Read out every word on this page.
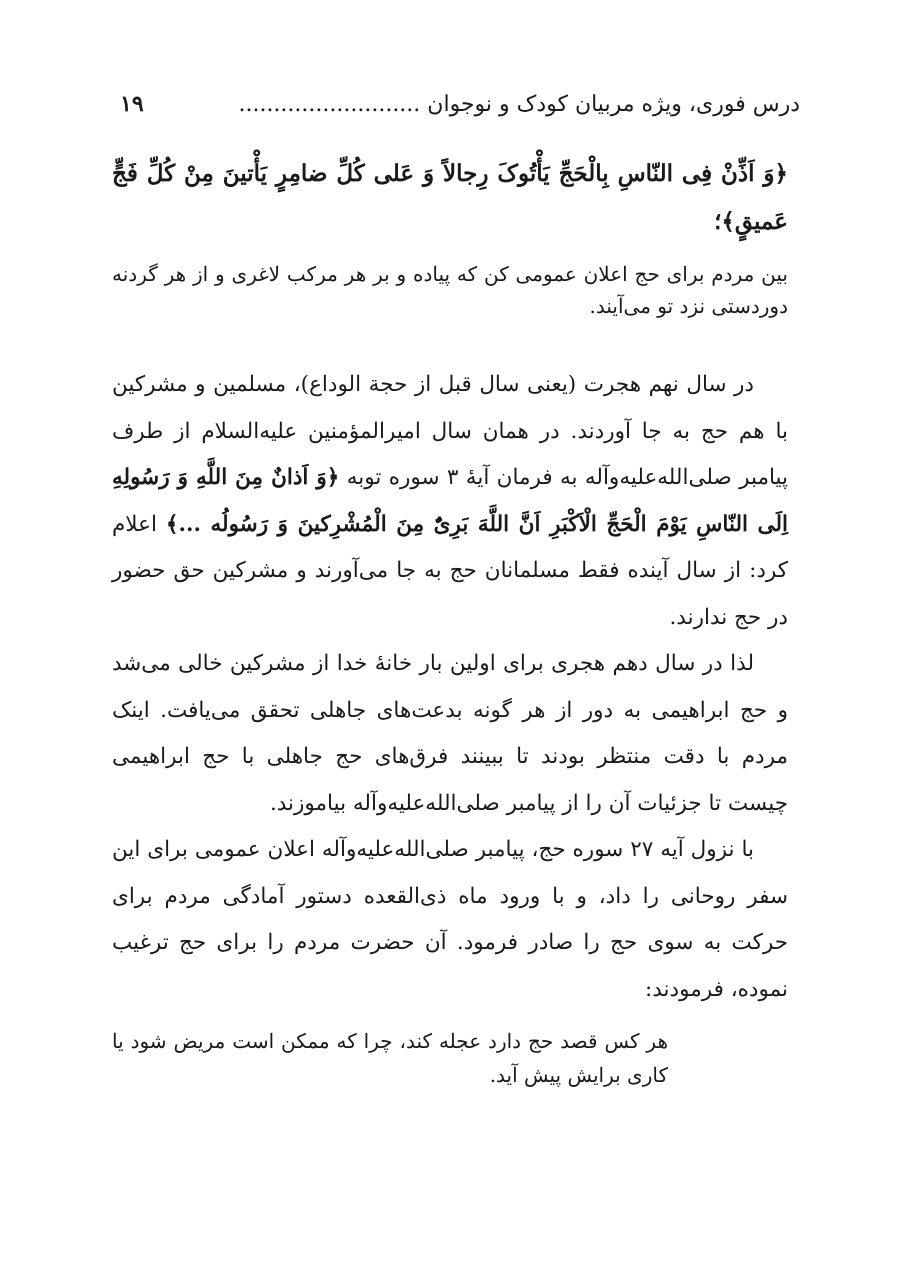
درس فوری، ویژه مربیان کودک و نوجوان ..........................
۱۹
﴿وَ اَذِّنْ فِی النّاسِ بِالْحَجِّ یَأْتُوکَ رِجالاً وَ عَلی کُلِّ ضامِرٍ یَأْتینَ مِنْ کُلِّ فَجٍّ عَمیقٍ﴾؛
بین مردم برای حج اعلان عمومی کن که پیاده و بر هر مرکب لاغری و از هر گردنه دوردستی نزد تو می‌آیند.

در سال نهم هجرت (یعنی سال قبل از حجة الوداع)، مسلمین و مشرکین با هم حج به جا آوردند. در همان سال امیرالمؤمنین علیه‌السلام از طرف پیامبر صلی‌الله‌علیه‌وآله به فرمان آیهٔ ۳ سوره توبه ﴿وَ اَذانٌ مِنَ اللَّهِ وَ رَسُولِهِ اِلَی النّاسِ یَوْمَ الْحَجِّ الْاَکْبَرِ اَنَّ اللَّهَ بَرِیٌٔ مِنَ الْمُشْرِکینَ وَ رَسُولُه ...﴾ اعلام کرد: از سال آینده فقط مسلمانان حج به جا می‌آورند و مشرکین حق حضور در حج ندارند.

لذا در سال دهم هجری برای اولین بار خانهٔ خدا از مشرکین خالی می‌شد و حج ابراهیمی به دور از هر گونه بدعت‌های جاهلی تحقق می‌یافت. اینک مردم با دقت منتظر بودند تا ببینند فرق‌های حج جاهلی با حج ابراهیمی چیست تا جزئیات آن را از پیامبر صلی‌الله‌علیه‌وآله بیاموزند.

با نزول آیه ۲۷ سوره حج، پیامبر صلی‌الله‌علیه‌وآله اعلان عمومی برای این سفر روحانی را داد، و با ورود ماه ذی‌القعده دستور آمادگی مردم برای حرکت به سوی حج را صادر فرمود. آن حضرت مردم را برای حج ترغیب نموده، فرمودند:

هر کس قصد حج دارد عجله کند، چرا که ممکن است مریض شود یا کاری برایش پیش آید.
